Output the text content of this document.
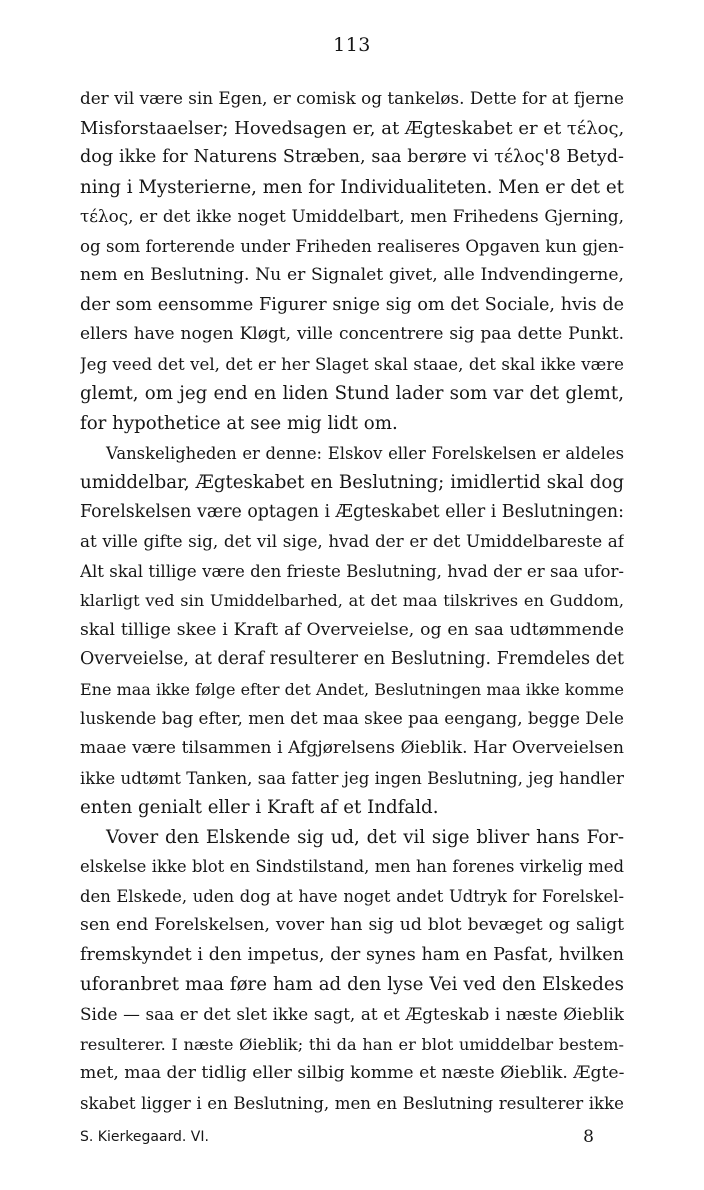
113
der vil være sin Egen, er comisk og tankeløs. Dette for at fjerne
Misforstaaelser; Hovedsagen er, at Ægteskabet er et τέλος,
dog ikke for Naturens Stræben, saa berøre vi τέλος'8 Betyd-
ning i Mysterierne, men for Individualiteten. Men er det et
τέλος, er det ikke noget Umiddelbart, men Frihedens Gjerning,
og som forterende under Friheden realiseres Opgaven kun gjen-
nem en Beslutning. Nu er Signalet givet, alle Indvendingerne,
der som eensomme Figurer snige sig om det Sociale, hvis de
ellers have nogen Kløgt, ville concentrere sig paa dette Punkt.
Jeg veed det vel, det er her Slaget skal staae, det skal ikke være
glemt, om jeg end en liden Stund lader som var det glemt,
for hypothetice at see mig lidt om.
Vanskeligheden er denne: Elskov eller Forelskelsen er aldeles
umiddelbar, Ægteskabet en Beslutning; imidlertid skal dog
Forelskelsen være optagen i Ægteskabet eller i Beslutningen:
at ville gifte sig, det vil sige, hvad der er det Umiddelbareste af
Alt skal tillige være den frieste Beslutning, hvad der er saa ufor-
klarligt ved sin Umiddelbarhed, at det maa tilskrives en Guddom,
skal tillige skee i Kraft af Overveielse, og en saa udtømmende
Overveielse, at deraf resulterer en Beslutning. Fremdeles det
Ene maa ikke følge efter det Andet, Beslutningen maa ikke komme
luskende bag efter, men det maa skee paa eengang, begge Dele
maae være tilsammen i Afgjørelsens Øieblik. Har Overveielsen
ikke udtømt Tanken, saa fatter jeg ingen Beslutning, jeg handler
enten genialt eller i Kraft af et Indfald.
Vover den Elskende sig ud, det vil sige bliver hans For-
elskelse ikke blot en Sindstilstand, men han forenes virkelig med
den Elskede, uden dog at have noget andet Udtryk for Forelskel-
sen end Forelskelsen, vover han sig ud blot bevæget og saligt
fremskyndet i den impetus, der synes ham en Pasfat, hvilken
uforanbret maa føre ham ad den lyse Vei ved den Elskedes
Side — saa er det slet ikke sagt, at et Ægteskab i næste Øieblik
resulterer. I næste Øieblik; thi da han er blot umiddelbar bestem-
met, maa der tidlig eller silbig komme et næste Øieblik. Ægte-
skabet ligger i en Beslutning, men en Beslutning resulterer ikke
S. Kierkegaard. VI.	8
